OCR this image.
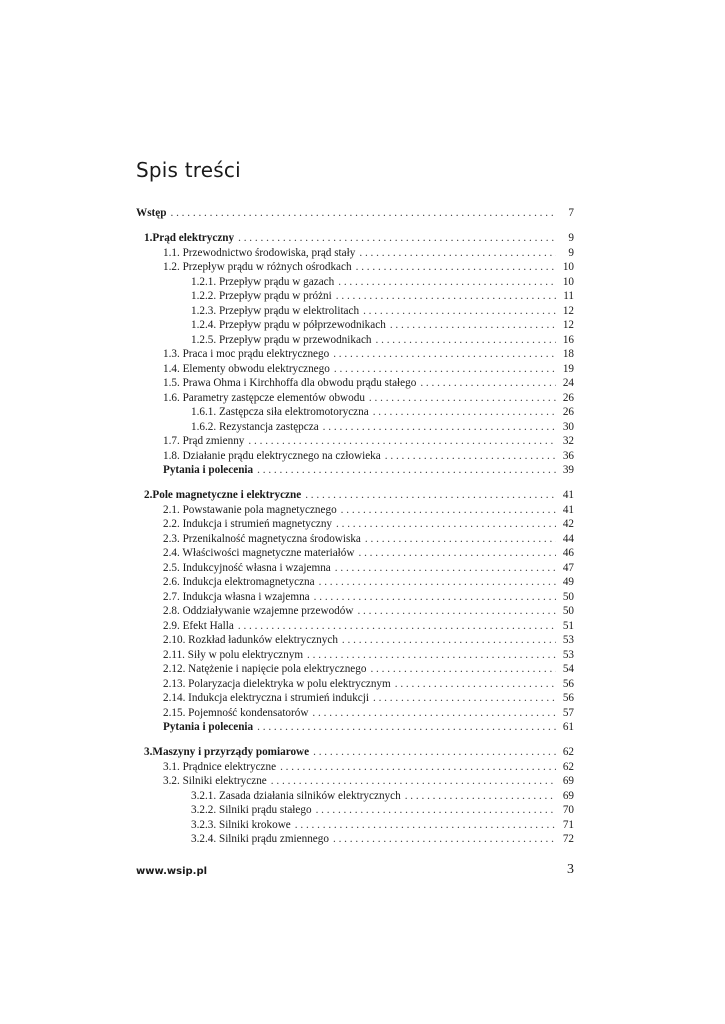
Spis treści
Wstęp . . .	7
1. Prąd elektryczny . . .	9
1.1. Przewodnictwo środowiska, prąd stały . . .	9
1.2. Przepływ prądu w różnych ośrodkach . . .	10
1.2.1. Przepływ prądu w gazach . . .	10
1.2.2. Przepływ prądu w próżni . . .	11
1.2.3. Przepływ prądu w elektrolitach . . .	12
1.2.4. Przepływ prądu w półprzewodnikach . . .	12
1.2.5. Przepływ prądu w przewodnikach . . .	16
1.3. Praca i moc prądu elektrycznego . . .	18
1.4. Elementy obwodu elektrycznego . . .	19
1.5. Prawa Ohma i Kirchhoffa dla obwodu prądu stałego . . .	24
1.6. Parametry zastępcze elementów obwodu . . .	26
1.6.1. Zastępcza siła elektromotoryczna . . .	26
1.6.2. Rezystancja zastępcza . . .	30
1.7. Prąd zmienny . . .	32
1.8. Działanie prądu elektrycznego na człowieka . . .	36
Pytania i polecenia . . .	39
2. Pole magnetyczne i elektryczne . . .	41
2.1. Powstawanie pola magnetycznego . . .	41
2.2. Indukcja i strumień magnetyczny . . .	42
2.3. Przenikalność magnetyczna środowiska . . .	44
2.4. Właściwości magnetyczne materiałów . . .	46
2.5. Indukcyjność własna i wzajemna . . .	47
2.6. Indukcja elektromagnetyczna . . .	49
2.7. Indukcja własna i wzajemna . . .	50
2.8. Oddziaływanie wzajemne przewodów . . .	50
2.9. Efekt Halla . . .	51
2.10. Rozkład ładunków elektrycznych . . .	53
2.11. Siły w polu elektrycznym . . .	53
2.12. Natężenie i napięcie pola elektrycznego . . .	54
2.13. Polaryzacja dielektryka w polu elektrycznym . . .	56
2.14. Indukcja elektryczna i strumień indukcji . . .	56
2.15. Pojemność kondensatorów . . .	57
Pytania i polecenia . . .	61
3. Maszyny i przyrządy pomiarowe . . .	62
3.1. Prądnice elektryczne . . .	62
3.2. Silniki elektryczne . . .	69
3.2.1. Zasada działania silników elektrycznych . . .	69
3.2.2. Silniki prądu stałego . . .	70
3.2.3. Silniki krokowe . . .	71
3.2.4. Silniki prądu zmiennego . . .	72
www.wsip.pl	3
